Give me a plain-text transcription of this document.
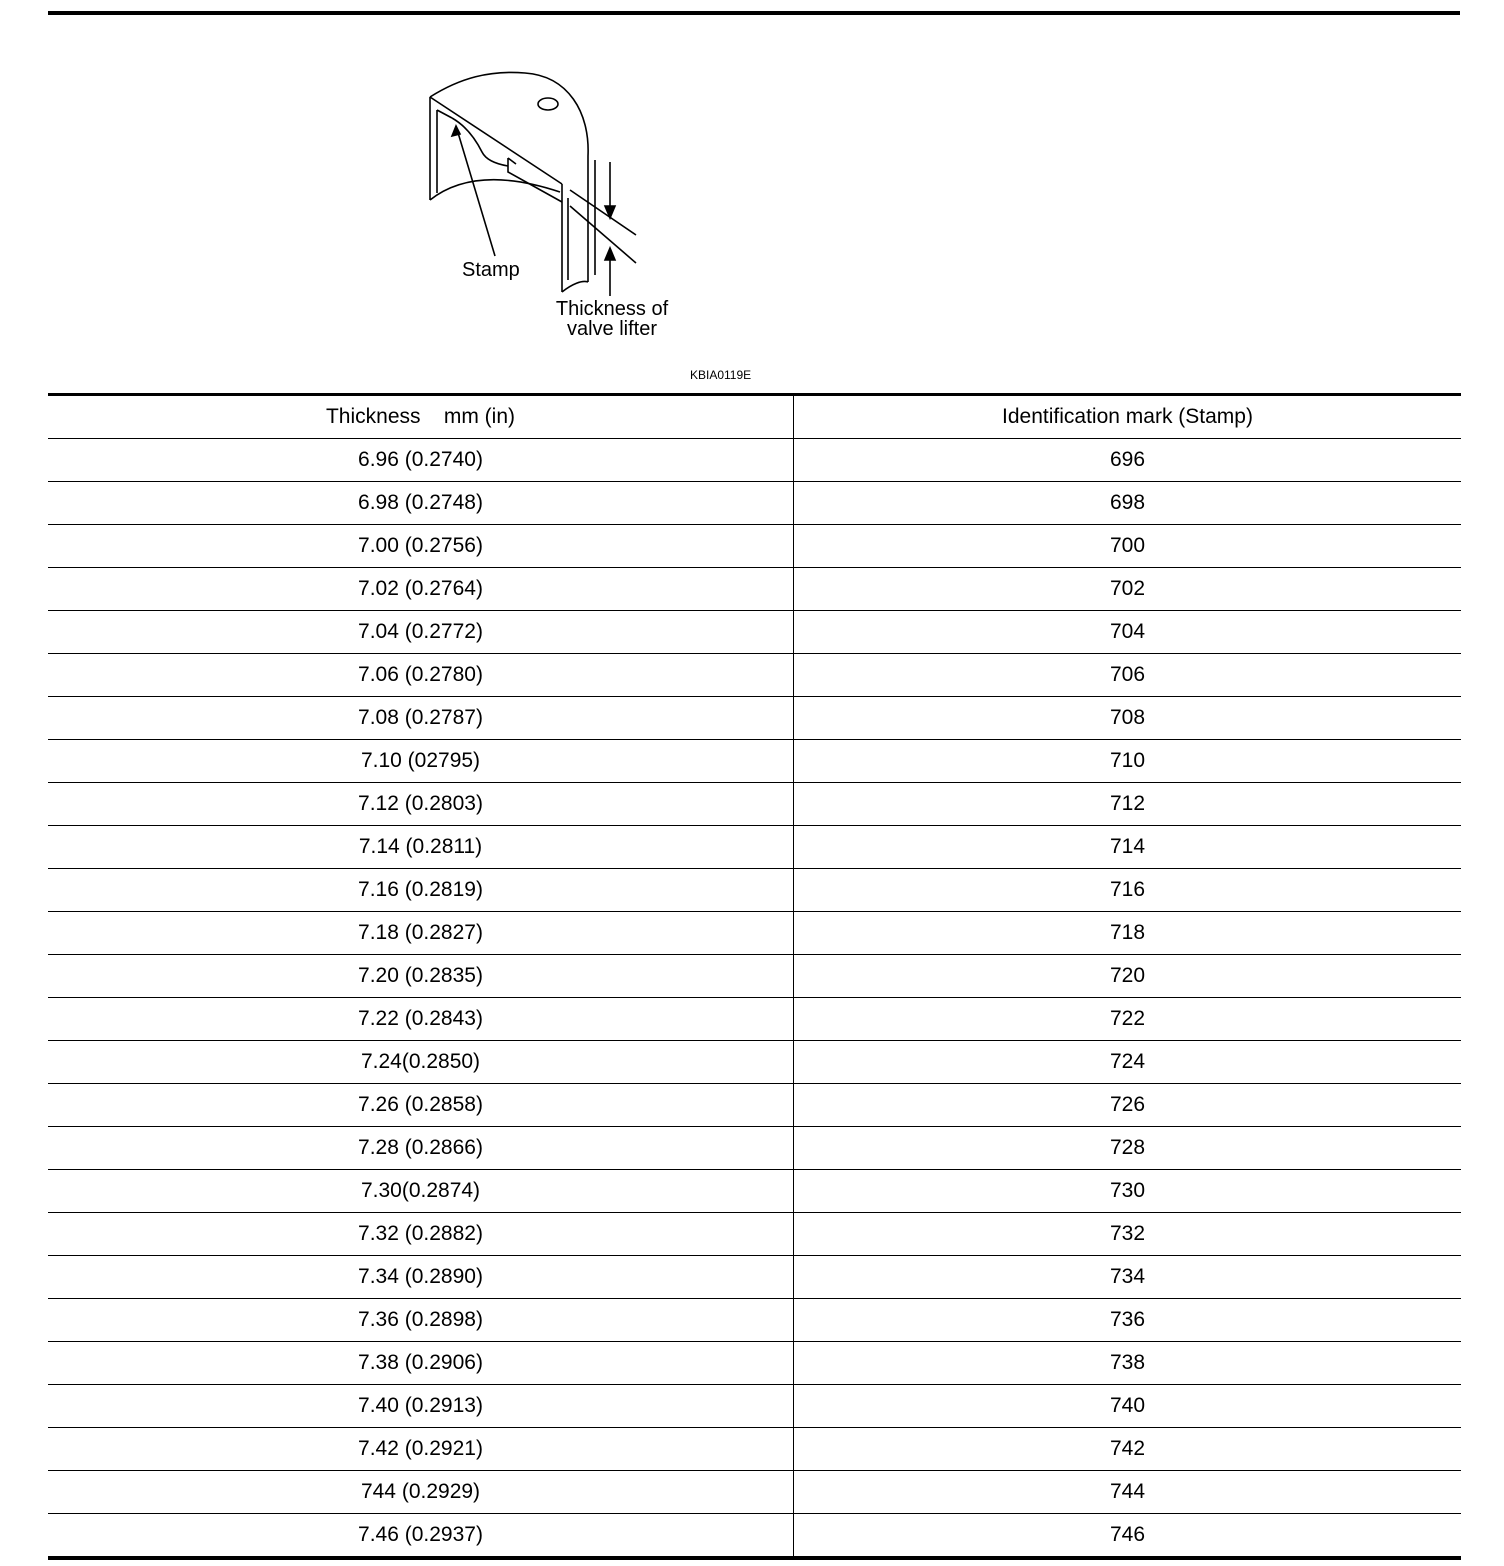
Stamp
Thickness of
valve lifter
KBIA0119E
Thickness    mm (in)	Identification mark (Stamp)
6.96 (0.2740)	696
6.98 (0.2748)	698
7.00 (0.2756)	700
7.02 (0.2764)	702
7.04 (0.2772)	704
7.06 (0.2780)	706
7.08 (0.2787)	708
7.10 (02795)	710
7.12 (0.2803)	712
7.14 (0.2811)	714
7.16 (0.2819)	716
7.18 (0.2827)	718
7.20 (0.2835)	720
7.22 (0.2843)	722
7.24(0.2850)	724
7.26 (0.2858)	726
7.28 (0.2866)	728
7.30(0.2874)	730
7.32 (0.2882)	732
7.34 (0.2890)	734
7.36 (0.2898)	736
7.38 (0.2906)	738
7.40 (0.2913)	740
7.42 (0.2921)	742
744 (0.2929)	744
7.46 (0.2937)	746
